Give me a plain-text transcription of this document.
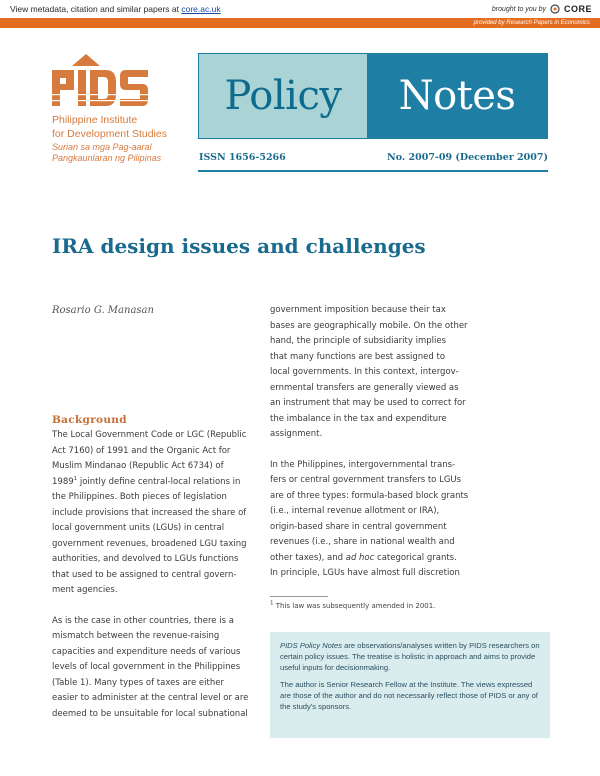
View metadata, citation and similar papers at core.ac.uk	brought to you by CORE
provided by Research Papers in Economics
Philippine Institute
for Development Studies
Surian sa mga Pag-aaral
Pangkaunlaran ng Pilipinas
Policy	Notes
ISSN 1656-5266	No. 2007-09 (December 2007)
IRA design issues and challenges
Rosario G. Manasan
Background
The Local Government Code or LGC (Republic
Act 7160) of 1991 and the Organic Act for
Muslim Mindanao (Republic Act 6734) of
1989$^1$ jointly define central-local relations in
the Philippines. Both pieces of legislation
include provisions that increased the share of
local government units (LGUs) in central
government revenues, broadened LGU taxing
authorities, and devolved to LGUs functions
that used to be assigned to central govern-
ment agencies.
As is the case in other countries, there is a
mismatch between the revenue-raising
capacities and expenditure needs of various
levels of local government in the Philippines
(Table 1). Many types of taxes are either
easier to administer at the central level or are
deemed to be unsuitable for local subnational
government imposition because their tax
bases are geographically mobile. On the other
hand, the principle of subsidiarity implies
that many functions are best assigned to
local governments. In this context, intergov-
ernmental transfers are generally viewed as
an instrument that may be used to correct for
the imbalance in the tax and expenditure
assignment.
In the Philippines, intergovernmental trans-
fers or central government transfers to LGUs
are of three types: formula-based block grants
(i.e., internal revenue allotment or IRA),
origin-based share in central government
revenues (i.e., share in national wealth and
other taxes), and ad hoc categorical grants.
In principle, LGUs have almost full discretion
$^1$ This law was subsequently amended in 2001.

PIDS Policy Notes are observations/analyses written by PIDS researchers on certain policy issues. The treatise is holistic in approach and aims to provide useful inputs for decisionmaking.

The author is Senior Research Fellow at the Institute. The views expressed are those of the author and do not necessarily reflect those of PIDS or any of the study's sponsors.
